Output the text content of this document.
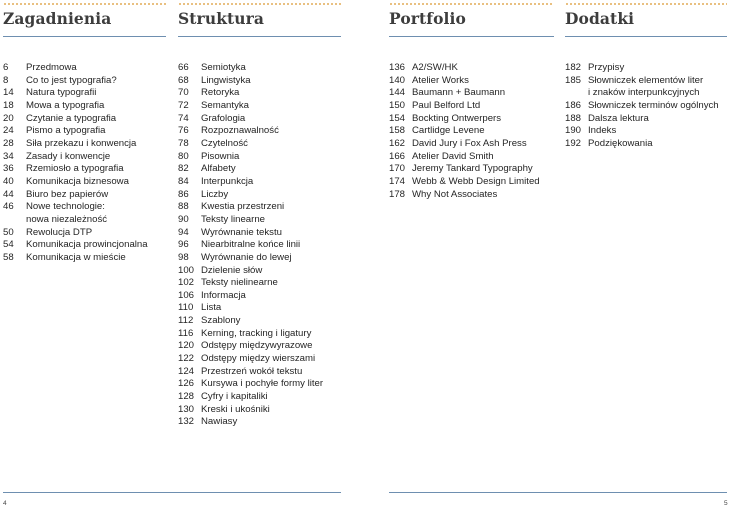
Zagadnienia
6	Przedmowa
8	Co to jest typografia?
14	Natura typografii
18	Mowa a typografia
20	Czytanie a typografia
24	Pismo a typografia
28	Siła przekazu i konwencja
34	Zasady i konwencje
36	Rzemiosło a typografia
40	Komunikacja biznesowa
44	Biuro bez papierów
46	Nowe technologie:
nowa niezależność
50	Rewolucja DTP
54	Komunikacja prowincjonalna
58	Komunikacja w mieście
Struktura
66	Semiotyka
68	Lingwistyka
70	Retoryka
72	Semantyka
74	Grafologia
76	Rozpoznawalność
78	Czytelność
80	Pisownia
82	Alfabety
84	Interpunkcja
86	Liczby
88	Kwestia przestrzeni
90	Teksty linearne
94	Wyrównanie tekstu
96	Niearbitralne końce linii
98	Wyrównanie do lewej
100 Dzielenie słów
102 Teksty nielinearne
106 Informacja
110 Lista
112 Szablony
116 Kerning, tracking i ligatury
120 Odstępy międzywyrazowe
122 Odstępy między wierszami
124 Przestrzeń wokół tekstu
126 Kursywa i pochyłe formy liter
128 Cyfry i kapitaliki
130 Kreski i ukośniki
132 Nawiasy
Portfolio
136 A2/SW/HK
140 Atelier Works
144 Baumann + Baumann
150 Paul Belford Ltd
154 Bockting Ontwerpers
158 Cartlidge Levene
162 David Jury i Fox Ash Press
166 Atelier David Smith
170 Jeremy Tankard Typography
174 Webb & Webb Design Limited
178 Why Not Associates
Dodatki
182 Przypisy
185 Słowniczek elementów liter
i znaków interpunkcyjnych
186 Słowniczek terminów ogólnych
188 Dalsza lektura
190 Indeks
192 Podziękowania
4	5
